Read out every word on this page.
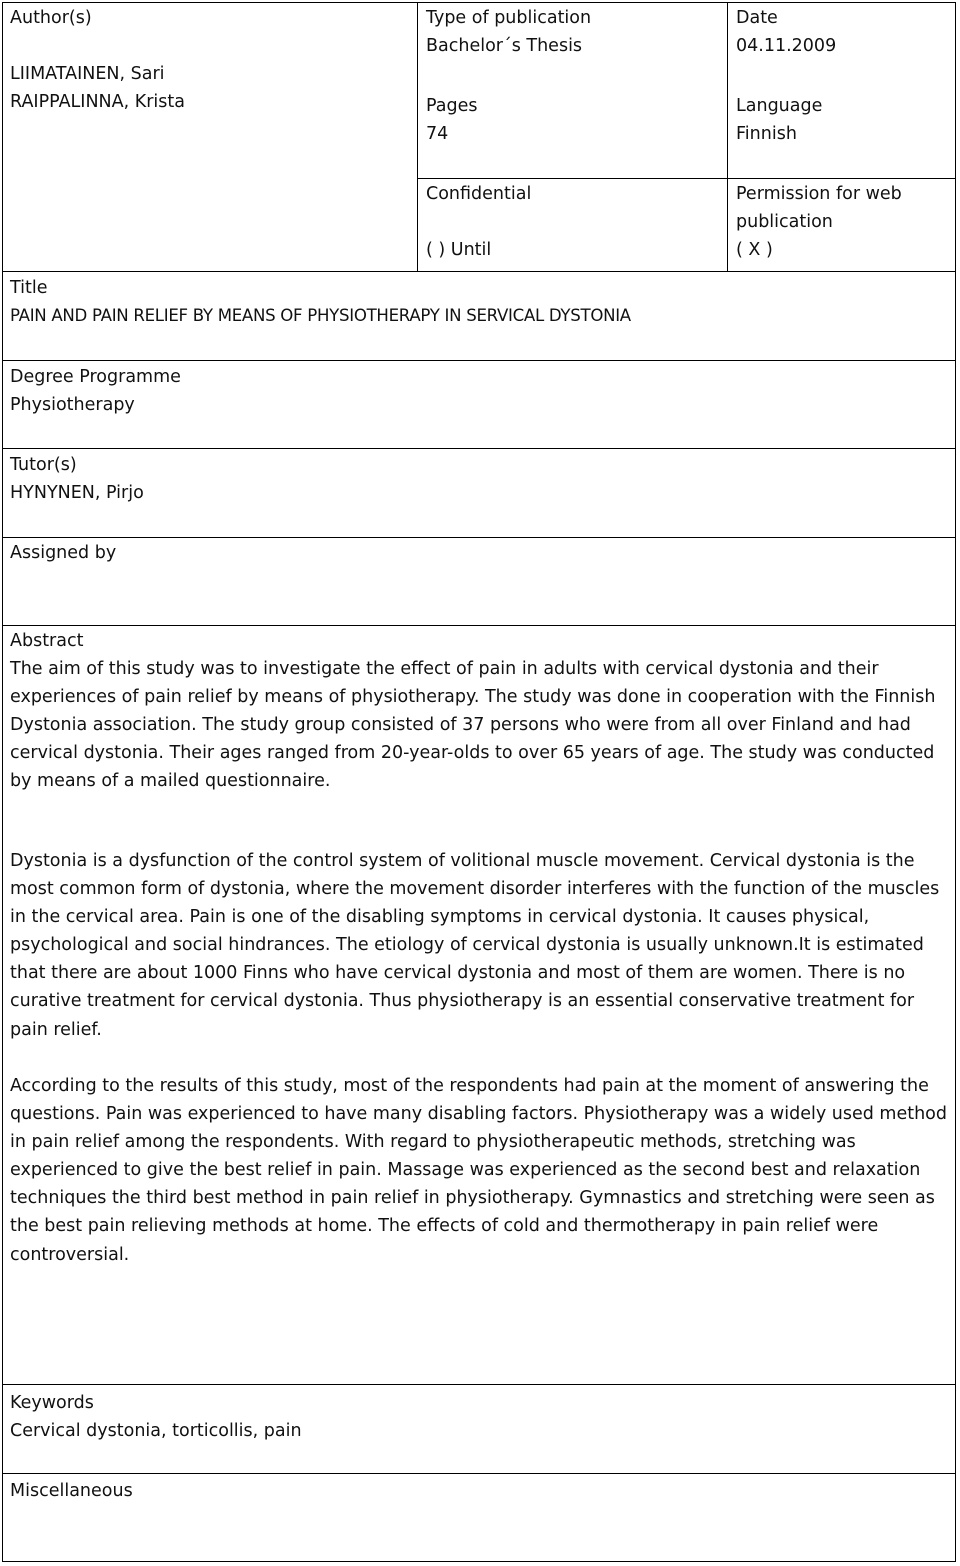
Author(s)
LIIMATAINEN, Sari
RAIPPALINNA, Krista
Type of publication
Bachelor´s Thesis
Pages
74
Confidential
( ) Until
Date
04.11.2009
Language
Finnish
Permission for web
publication
( X )
Title
PAIN AND PAIN RELIEF BY MEANS OF PHYSIOTHERAPY IN SERVICAL DYSTONIA
Degree Programme
Physiotherapy
Tutor(s)
HYNYNEN, Pirjo
Assigned by
Abstract

The aim of this study was to investigate the effect of pain in adults with cervical dystonia and their experiences of pain relief by means of physiotherapy. The study was done in cooperation with the Finnish Dystonia association. The study group consisted of 37 persons who were from all over Finland and had cervical dystonia. Their ages ranged from 20-year-olds to over 65 years of age. The study was conducted by means of a mailed questionnaire.

Dystonia is a dysfunction of the control system of volitional muscle movement. Cervical dystonia is the most common form of dystonia, where the movement disorder interferes with the function of the muscles in the cervical area. Pain is one of the disabling symptoms in cervical dystonia. It causes physical, psychological and social hindrances. The etiology of cervical dystonia is usually unknown.It is estimated that there are about 1000 Finns who have cervical dystonia and most of them are women. There is no curative treatment for cervical dystonia. Thus physiotherapy is an essential conservative treatment for pain relief.

According to the results of this study, most of the respondents had pain at the moment of answering the questions. Pain was experienced to have many disabling factors. Physiotherapy was a widely used method in pain relief among the respondents. With regard to physiotherapeutic methods, stretching was experienced to give the best relief in pain. Massage was experienced as the second best and relaxation techniques the third best method in pain relief in physiotherapy. Gymnastics and stretching were seen as the best pain relieving methods at home. The effects of cold and thermotherapy in pain relief were controversial.

Keywords
Cervical dystonia, torticollis, pain
Miscellaneous
